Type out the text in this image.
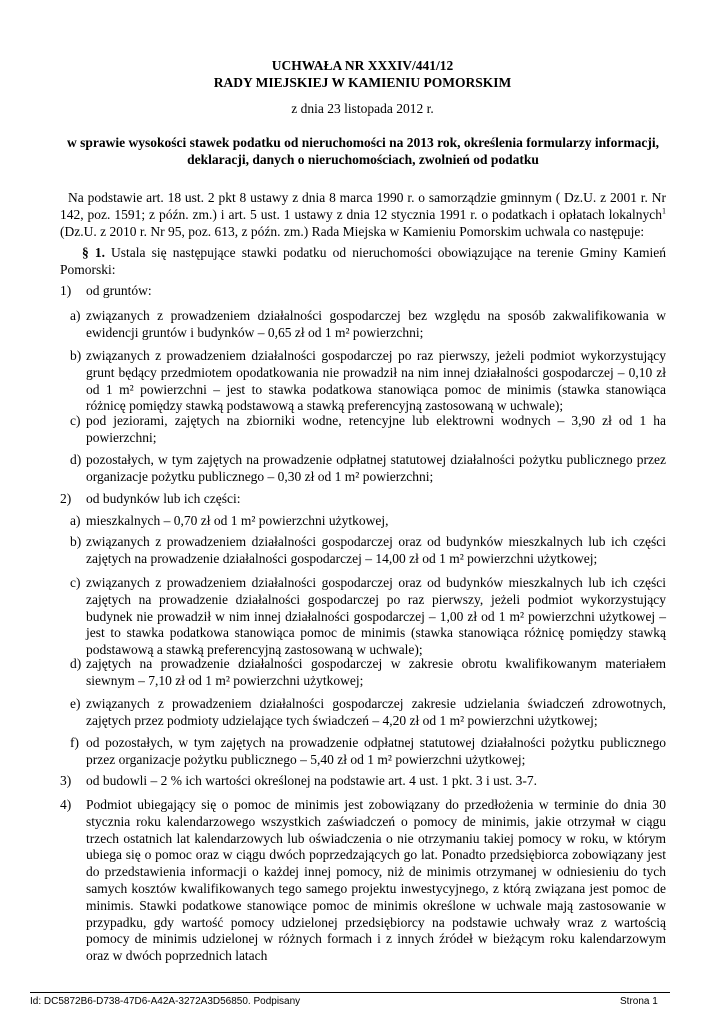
UCHWAŁA NR XXXIV/441/12
RADY MIEJSKIEJ W KAMIENIU POMORSKIM
z dnia 23 listopada 2012 r.
w sprawie wysokości stawek podatku od nieruchomości na 2013 rok, określenia formularzy informacji, deklaracji, danych o nieruchomościach, zwolnień od podatku
Na podstawie art. 18 ust. 2 pkt 8 ustawy z dnia 8 marca 1990 r. o samorządzie gminnym ( Dz.U. z 2001 r. Nr 142, poz. 1591; z późn. zm.) i art. 5 ust. 1 ustawy z dnia 12 stycznia 1991 r. o podatkach i opłatach lokalnych$^1$ (Dz.U. z 2010 r. Nr 95, poz. 613, z późn. zm.) Rada Miejska w Kamieniu Pomorskim uchwala co następuje:
§ 1. Ustala się następujące stawki podatku od nieruchomości obowiązujące na terenie Gminy Kamień Pomorski:
1) od gruntów:
a) związanych z prowadzeniem działalności gospodarczej bez względu na sposób zakwalifikowania w ewidencji gruntów i budynków – 0,65 zł od 1 m² powierzchni;
b) związanych z prowadzeniem działalności gospodarczej po raz pierwszy, jeżeli podmiot wykorzystujący grunt będący przedmiotem opodatkowania nie prowadził na nim innej działalności gospodarczej – 0,10 zł od 1 m² powierzchni – jest to stawka podatkowa stanowiąca pomoc de minimis (stawka stanowiąca różnicę pomiędzy stawką podstawową a stawką preferencyjną zastosowaną w uchwale);
c) pod jeziorami, zajętych na zbiorniki wodne, retencyjne lub elektrowni wodnych – 3,90 zł od 1 ha powierzchni;
d) pozostałych, w tym zajętych na prowadzenie odpłatnej statutowej działalności pożytku publicznego przez organizacje pożytku publicznego – 0,30 zł od 1 m² powierzchni;
2) od budynków lub ich części:
a) mieszkalnych – 0,70 zł od 1 m² powierzchni użytkowej,
b) związanych z prowadzeniem działalności gospodarczej oraz od budynków mieszkalnych lub ich części zajętych na prowadzenie działalności gospodarczej – 14,00 zł od 1 m² powierzchni użytkowej;
c) związanych z prowadzeniem działalności gospodarczej oraz od budynków mieszkalnych lub ich części zajętych na prowadzenie działalności gospodarczej po raz pierwszy, jeżeli podmiot wykorzystujący budynek nie prowadził w nim innej działalności gospodarczej – 1,00 zł od 1 m² powierzchni użytkowej – jest to stawka podatkowa stanowiąca pomoc de minimis (stawka stanowiąca różnicę pomiędzy stawką podstawową a stawką preferencyjną zastosowaną w uchwale);
d) zajętych na prowadzenie działalności gospodarczej w zakresie obrotu kwalifikowanym materiałem siewnym – 7,10 zł od 1 m² powierzchni użytkowej;
e) związanych z prowadzeniem działalności gospodarczej zakresie udzielania świadczeń zdrowotnych, zajętych przez podmioty udzielające tych świadczeń – 4,20 zł od 1 m² powierzchni użytkowej;
f) od pozostałych, w tym zajętych na prowadzenie odpłatnej statutowej działalności pożytku publicznego przez organizacje pożytku publicznego – 5,40 zł od 1 m² powierzchni użytkowej;
3) od budowli – 2 % ich wartości określonej na podstawie art. 4 ust. 1 pkt. 3 i ust. 3-7.
4) Podmiot ubiegający się o pomoc de minimis jest zobowiązany do przedłożenia w terminie do dnia 30 stycznia roku kalendarzowego wszystkich zaświadczeń o pomocy de minimis, jakie otrzymał w ciągu trzech ostatnich lat kalendarzowych lub oświadczenia o nie otrzymaniu takiej pomocy w roku, w którym ubiega się o pomoc oraz w ciągu dwóch poprzedzających go lat. Ponadto przedsiębiorca zobowiązany jest do przedstawienia informacji o każdej innej pomocy, niż de minimis otrzymanej w odniesieniu do tych samych kosztów kwalifikowanych tego samego projektu inwestycyjnego, z którą związana jest pomoc de minimis. Stawki podatkowe stanowiące pomoc de minimis określone w uchwale mają zastosowanie w przypadku, gdy wartość pomocy udzielonej przedsiębiorcy na podstawie uchwały wraz z wartością pomocy de minimis udzielonej w różnych formach i z innych źródeł w bieżącym roku kalendarzowym oraz w dwóch poprzednich latach
Id: DC5872B6-D738-47D6-A42A-3272A3D56850. Podpisany	Strona 1
